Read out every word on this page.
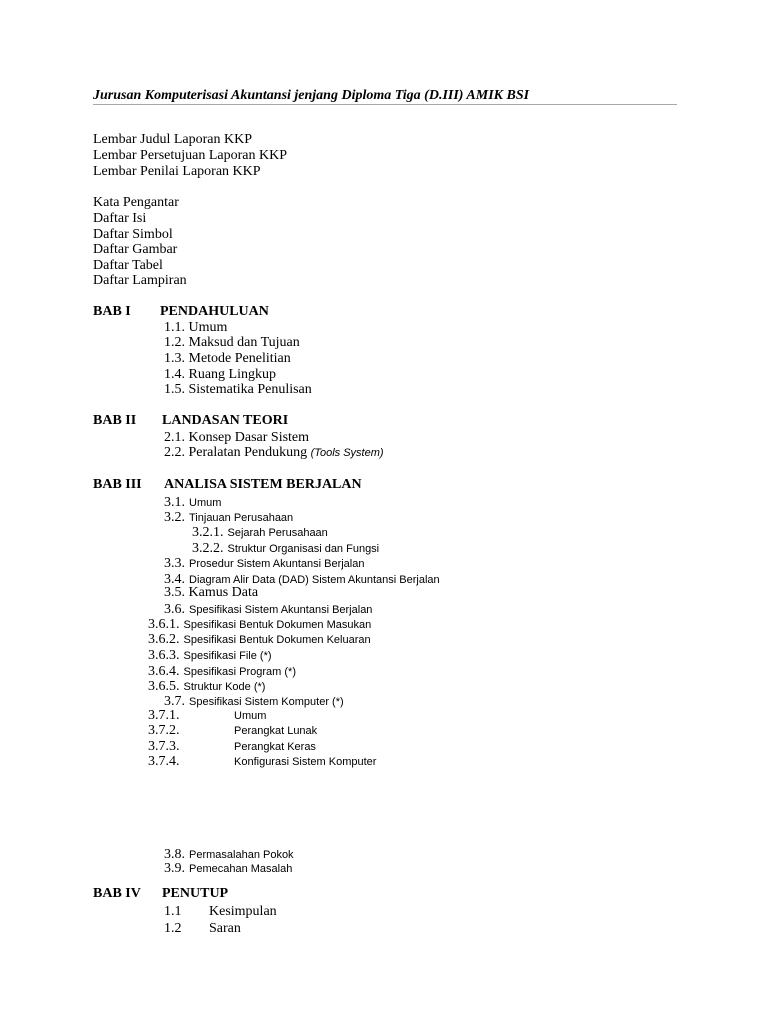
Jurusan Komputerisasi Akuntansi jenjang Diploma Tiga (D.III) AMIK BSI
Lembar Judul Laporan KKP
Lembar Persetujuan Laporan KKP
Lembar Penilai Laporan KKP
Kata Pengantar
Daftar Isi
Daftar Simbol
Daftar Gambar
Daftar Tabel
Daftar Lampiran
BAB I PENDAHULUAN
1.1. Umum
1.2. Maksud dan Tujuan
1.3. Metode Penelitian
1.4. Ruang Lingkup
1.5. Sistematika Penulisan
BAB II LANDASAN TEORI
2.1. Konsep Dasar Sistem
2.2. Peralatan Pendukung (Tools System)
BAB III ANALISA SISTEM BERJALAN
3.1. Umum
3.2. Tinjauan Perusahaan
3.2.1. Sejarah Perusahaan
3.2.2. Struktur Organisasi dan Fungsi
3.3. Prosedur Sistem Akuntansi Berjalan
3.4. Diagram Alir Data (DAD) Sistem Akuntansi Berjalan
3.5. Kamus Data
3.6. Spesifikasi Sistem Akuntansi Berjalan
3.6.1. Spesifikasi Bentuk Dokumen Masukan
3.6.2. Spesifikasi Bentuk Dokumen Keluaran
3.6.3. Spesifikasi File (*)
3.6.4. Spesifikasi Program (*)
3.6.5. Struktur Kode (*)
3.7. Spesifikasi Sistem Komputer (*)
3.7.1.	Umum
3.7.2.	Perangkat Lunak
3.7.3.	Perangkat Keras
3.7.4.	Konfigurasi Sistem Komputer
3.8. Permasalahan Pokok
3.9. Pemecahan Masalah
BAB IV PENUTUP
1.1 Kesimpulan
1.2 Saran
